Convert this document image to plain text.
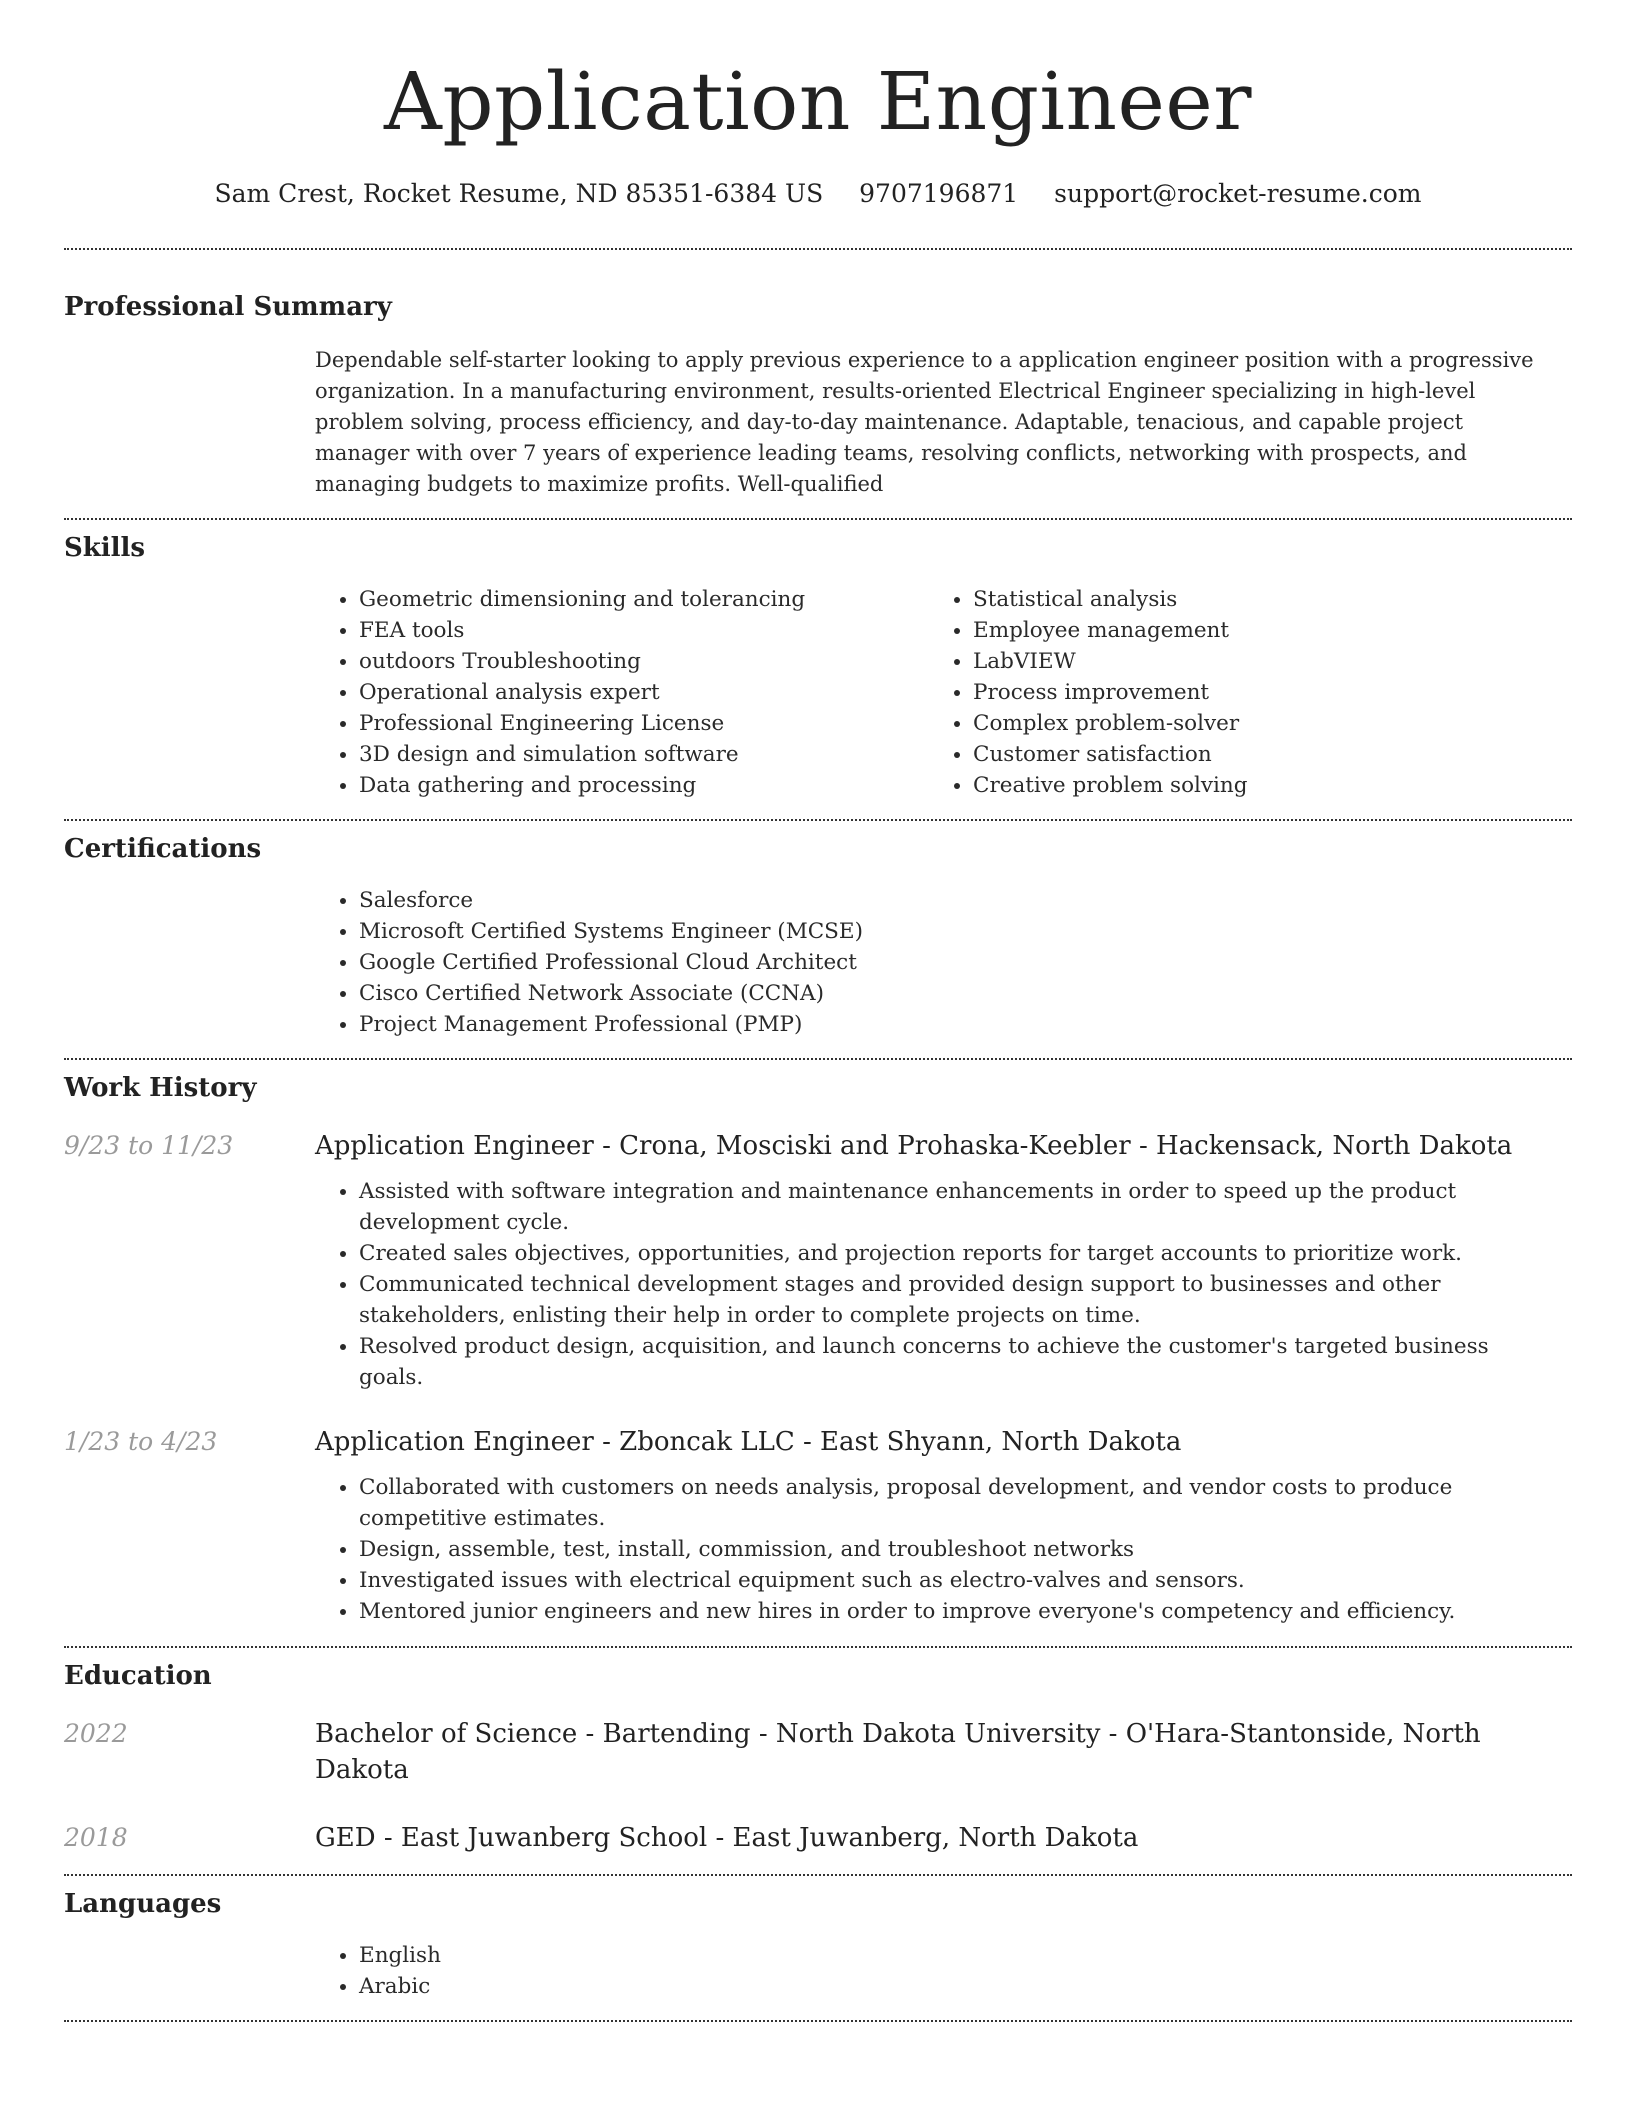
Application Engineer
Sam Crest, Rocket Resume, ND 85351-6384 US 9707196871 support@rocket-resume.com
Professional Summary

Dependable self-starter looking to apply previous experience to a application engineer position with a progressive organization. In a manufacturing environment, results-oriented Electrical Engineer specializing in high-level problem solving, process efficiency, and day-to-day maintenance. Adaptable, tenacious, and capable project manager with over 7 years of experience leading teams, resolving conflicts, networking with prospects, and managing budgets to maximize profits. Well-qualified

Skills
• Geometric dimensioning and tolerancing
• FEA tools
• outdoors Troubleshooting
• Operational analysis expert
• Professional Engineering License
• 3D design and simulation software
• Data gathering and processing
• Statistical analysis
• Employee management
• LabVIEW
• Process improvement
• Complex problem-solver
• Customer satisfaction
• Creative problem solving
Certifications
• Salesforce
• Microsoft Certified Systems Engineer (MCSE)
• Google Certified Professional Cloud Architect
• Cisco Certified Network Associate (CCNA)
• Project Management Professional (PMP)
Work History
9/23 to 11/23	Application Engineer - Crona, Mosciski and Prohaska-Keebler - Hackensack, North Dakota
• Assisted with software integration and maintenance enhancements in order to speed up the product development cycle.
• Created sales objectives, opportunities, and projection reports for target accounts to prioritize work.
• Communicated technical development stages and provided design support to businesses and other stakeholders, enlisting their help in order to complete projects on time.
• Resolved product design, acquisition, and launch concerns to achieve the customer's targeted business goals.
1/23 to 4/23	Application Engineer - Zboncak LLC - East Shyann, North Dakota
• Collaborated with customers on needs analysis, proposal development, and vendor costs to produce competitive estimates.
• Design, assemble, test, install, commission, and troubleshoot networks
• Investigated issues with electrical equipment such as electro-valves and sensors.
• Mentored junior engineers and new hires in order to improve everyone's competency and efficiency.
Education
2022	Bachelor of Science - Bartending - North Dakota University - O'Hara-Stantonside, North Dakota
2018	GED - East Juwanberg School - East Juwanberg, North Dakota
Languages
• English
• Arabic
